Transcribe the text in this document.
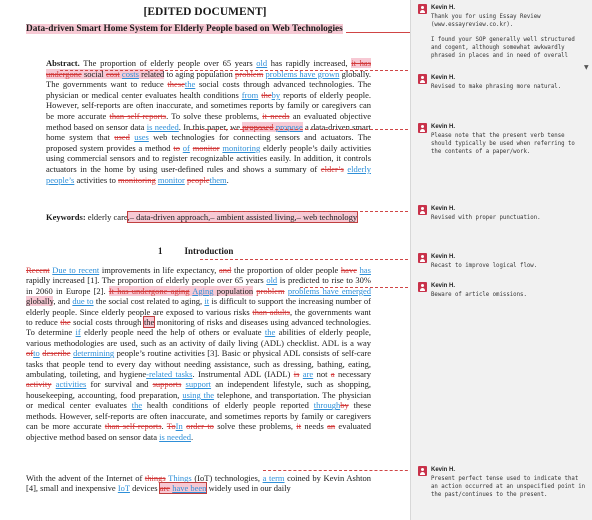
[EDITED DOCUMENT]
Data-driven Smart Home System for Elderly People based on Web Technologies
Abstract. The proportion of elderly people over 65 years old has rapidly increased, it has undergone social cost costs related to aging population problem problems have grown globally. The governments want to reduce thesethe social costs through advanced technologies. The physician or medical center evaluates health conditions from theby reports of elderly people. However, self-reports are often inaccurate, and sometimes reports by family or caregivers can be more accurate than self-reports. To solve these problems, it needs an evaluated objective method based on sensor data is needed. In this paper, we proposed propose a data-driven smart home system that used uses web technologies for connecting sensors and actuators. The proposed system provides a method to of monitor monitoring elderly people’s daily activities using commercial sensors and to register recognizable activities easily. In addition, it controls actuators in the home by using user-defined rules and shows a summary of elder’s elderly people’s activities to monitoring monitor peoplethem.
Keywords: elderly care,– data-driven approach,– ambient assisted living,– web technology
1 Introduction
Recent Due to recent improvements in life expectancy, and the proportion of older people have has rapidly increased [1]. The proportion of elderly people over 65 years old is predicted to rise to 30% in 2060 in Europe [2]. It has undergone aging Aging population problem problems have emerged globally, and due to the social cost related to aging, it is difficult to support the increasing number of elderly people. Since elderly people are exposed to various risks than adults, the governments want to reduce the social costs through the monitoring of risks and diseases using advanced technologies. To determine if elderly people need the help of others or evaluate the abilities of elderly people, various methodologies are used, such as an activity of daily living (ADL) checklist. ADL is a way ofto describe determining people’s routine activities [3]. Basic or physical ADL consists of self-care tasks that people tend to every day without needing assistance, such as dressing, bathing, eating, ambulating, toileting, and hygiene-related tasks. Instrumental ADL (IADL) is are not a necessary activity activities for survival and supports support an independent lifestyle, such as shopping, housekeeping, accounting, food preparation, using the telephone, and transportation. The physician or medical center evaluates the health conditions of elderly people reported throughby these methods. However, self-reports are often inaccurate, and sometimes reports by family or caregivers can be more accurate than self-reports. ToIn order to solve these problems, it needs an evaluated objective method based on sensor data is needed.
With the advent of the Internet of things Things (IoT) technologies, a term coined by Kevin Ashton [4], small and inexpensive IoT devices are have been widely used in our daily
Kevin H.

Thank you for using Essay Review (www.essayreview.co.kr).

I found your SOP generally well structured and cogent, although somewhat awkwardly phrased in places and in need of overall

▼
Kevin H.

Revised to make phrasing more natural.

Kevin H.

Please note that the present verb tense should typically be used when referring to the contents of a paper/work.

Kevin H.

Revised with proper punctuation.

Kevin H.

Recast to improve logical flow.

Kevin H.

Beware of article omissions.

Kevin H.

Present perfect tense used to indicate that an action occurred at an unspecified point in the past/continues to the present.
